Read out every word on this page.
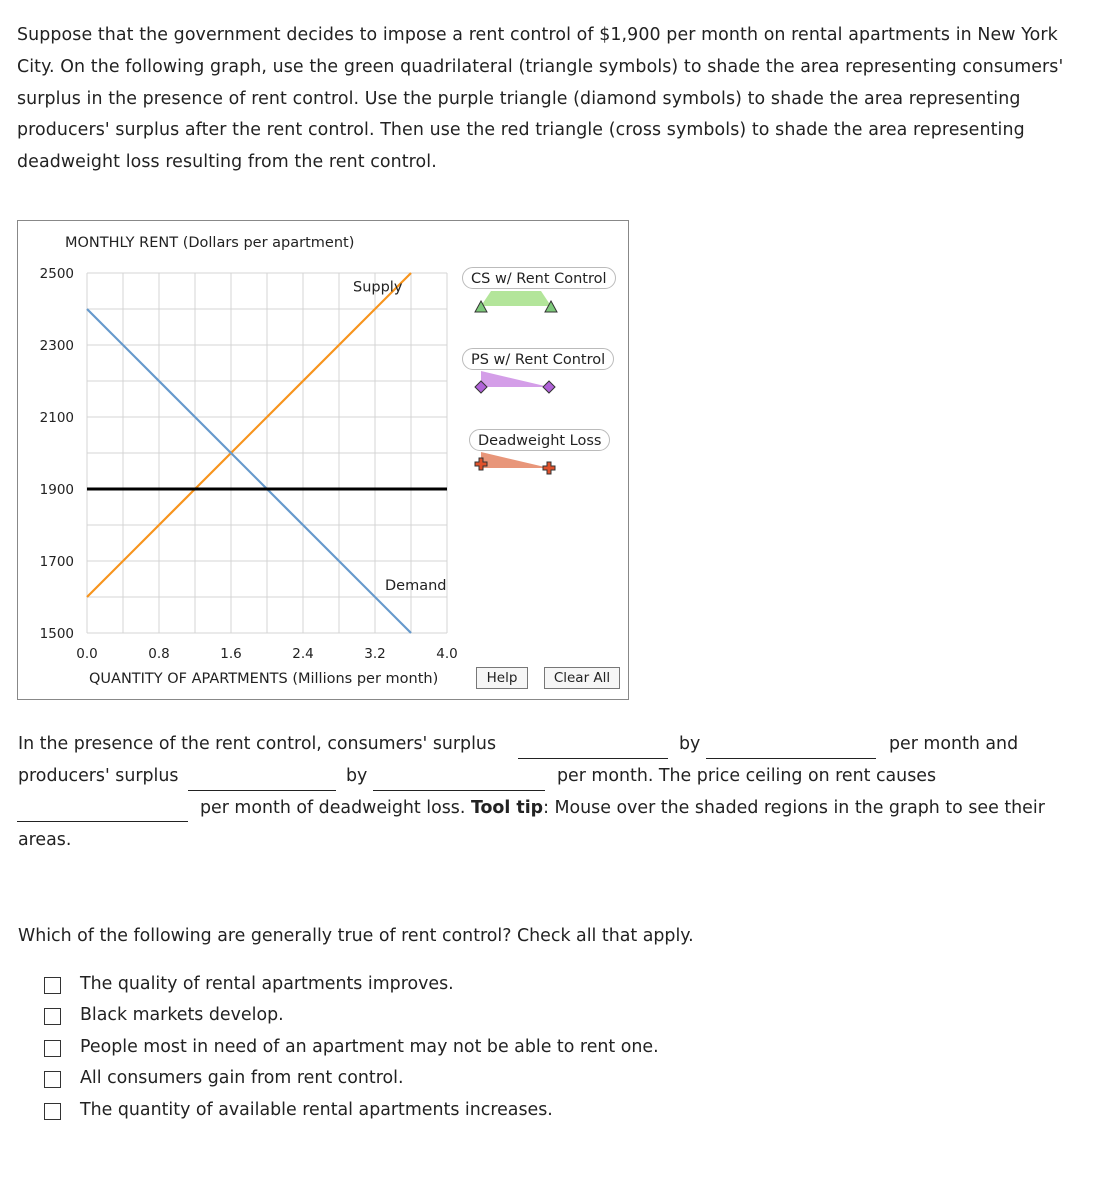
Suppose that the government decides to impose a rent control of $1,900 per month on rental apartments in New York City. On the following graph, use the green quadrilateral (triangle symbols) to shade the area representing consumers' surplus in the presence of rent control. Use the purple triangle (diamond symbols) to shade the area representing producers' surplus after the rent control. Then use the red triangle (cross symbols) to shade the area representing deadweight loss resulting from the rent control.
MONTHLY RENT (Dollars per apartment)
2500
2300
2100
1900
1700
1500
0.0	0.8	1.6	2.4	3.2	4.0
QUANTITY OF APARTMENTS (Millions per month)
Supply
Demand
CS w/ Rent Control
PS w/ Rent Control
Deadweight Loss
Help	Clear All
In the presence of the rent control, consumers' surplus	by	per month and
producers' surplus	by	per month. The price ceiling on rent causes
per month of deadweight loss. Tool tip: Mouse over the shaded regions in the graph to see their
areas.
Which of the following are generally true of rent control? Check all that apply.
The quality of rental apartments improves.
Black markets develop.
People most in need of an apartment may not be able to rent one.
All consumers gain from rent control.
The quantity of available rental apartments increases.
